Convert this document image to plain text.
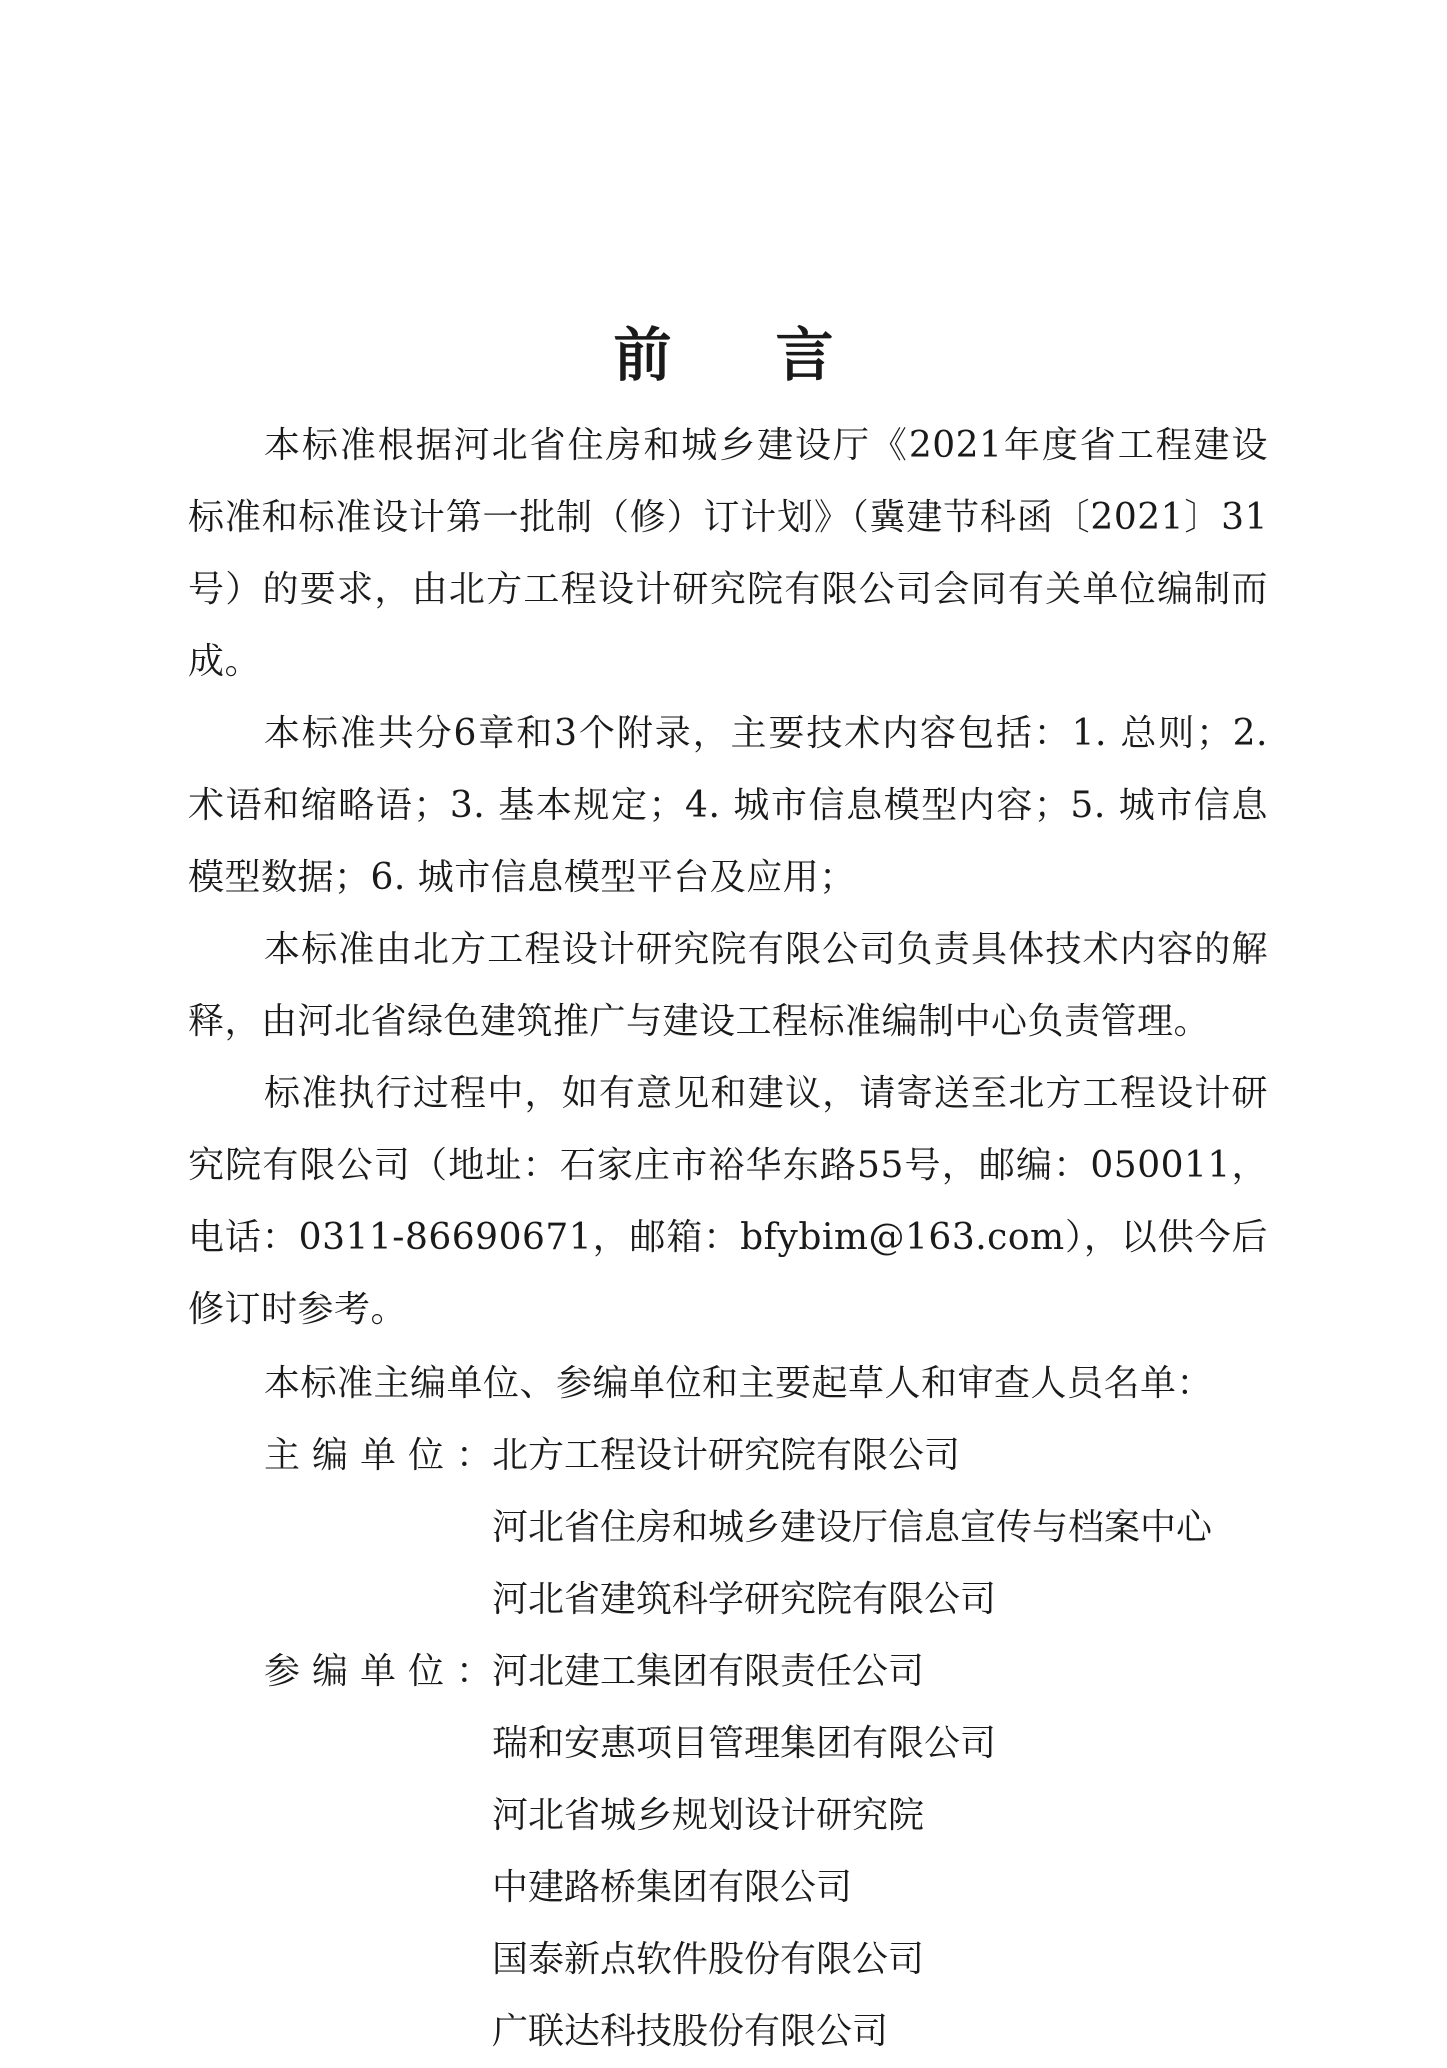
前言

本标准根据河北省住房和城乡建设厅《2021年度省工程建设标准和标准设计第一批制（修）订计划》（冀建节科函〔2021〕31号）的要求，由北方工程设计研究院有限公司会同有关单位编制而成。

本标准共分6章和3个附录，主要技术内容包括：1. 总则；2. 术语和缩略语；3. 基本规定；4. 城市信息模型内容；5. 城市信息模型数据；6. 城市信息模型平台及应用；

本标准由北方工程设计研究院有限公司负责具体技术内容的解释，由河北省绿色建筑推广与建设工程标准编制中心负责管理。

标准执行过程中，如有意见和建议，请寄送至北方工程设计研究院有限公司（地址：石家庄市裕华东路55号，邮编：050011，电话：0311-86690671，邮箱：bfybim@163.com），以供今后修订时参考。

本标准主编单位、参编单位和主要起草人和审查人员名单：

主编单位：
北方工程设计研究院有限公司
河北省住房和城乡建设厅信息宣传与档案中心
河北省建筑科学研究院有限公司
参编单位：
河北建工集团有限责任公司
瑞和安惠项目管理集团有限公司
河北省城乡规划设计研究院
中建路桥集团有限公司
国泰新点软件股份有限公司
广联达科技股份有限公司
